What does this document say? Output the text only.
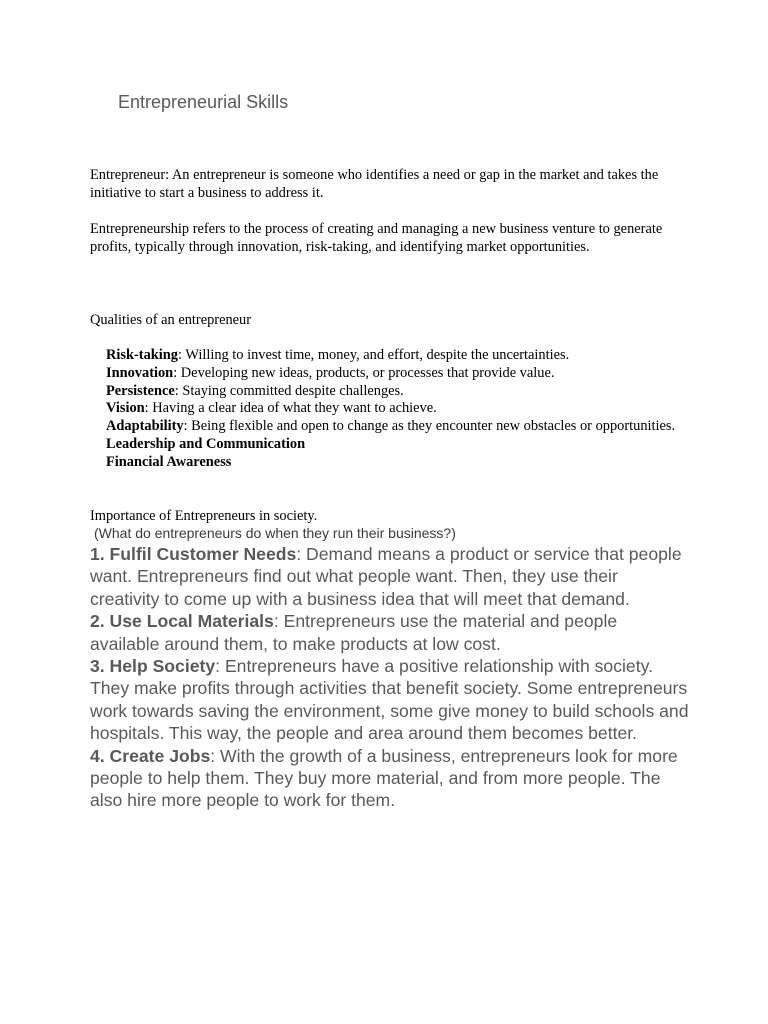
Entrepreneurial Skills
Entrepreneur: An entrepreneur is someone who identifies a need or gap in the market and takes the initiative to start a business to address it.
Entrepreneurship refers to the process of creating and managing a new business venture to generate profits, typically through innovation, risk-taking, and identifying market opportunities.
Qualities of an entrepreneur
Risk-taking: Willing to invest time, money, and effort, despite the uncertainties.
Innovation: Developing new ideas, products, or processes that provide value.
Persistence: Staying committed despite challenges.
Vision: Having a clear idea of what they want to achieve.
Adaptability: Being flexible and open to change as they encounter new obstacles or opportunities.
Leadership and Communication
Financial Awareness
Importance of Entrepreneurs in society.
(What do entrepreneurs do when they run their business?)
1. Fulfil Customer Needs: Demand means a product or service that people want. Entrepreneurs find out what people want. Then, they use their creativity to come up with a business idea that will meet that demand.
2. Use Local Materials: Entrepreneurs use the material and people available around them, to make products at low cost.
3. Help Society: Entrepreneurs have a positive relationship with society. They make profits through activities that benefit society. Some entrepreneurs work towards saving the environment, some give money to build schools and hospitals. This way, the people and area around them becomes better.
4. Create Jobs: With the growth of a business, entrepreneurs look for more people to help them. They buy more material, and from more people. The also hire more people to work for them.
